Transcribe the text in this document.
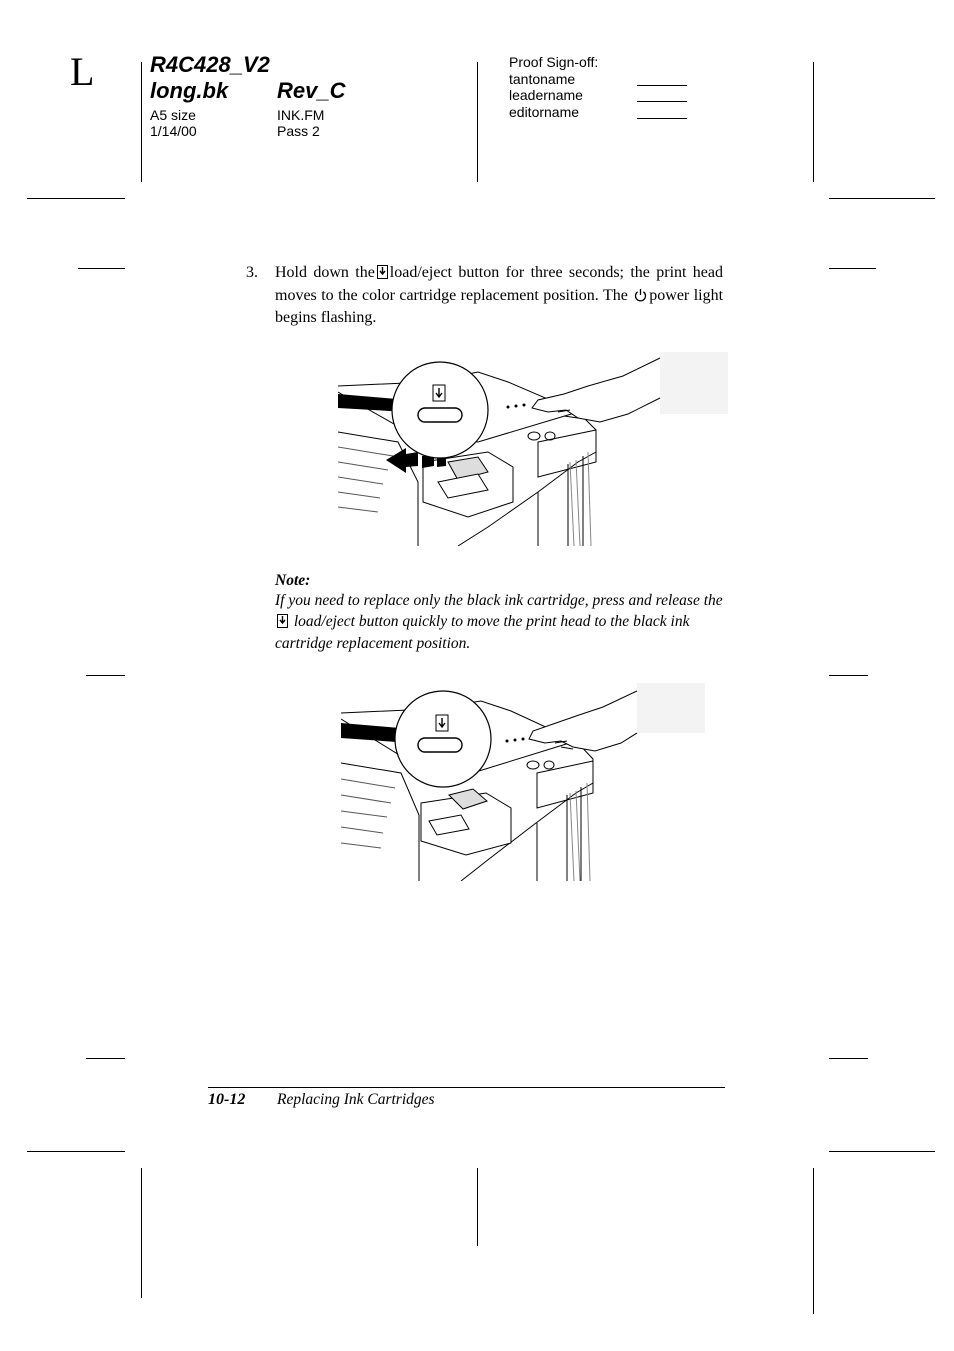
L	R4C428_V2
long.bk Rev_C
A5 size
1/14/00
INK.FM
Pass 2
Proof Sign-off:
tantoname
leadername
editorname
3. Hold down the load/eject button for three seconds; the print head moves to the color cartridge replacement position. The power light begins flashing.
Note:
If you need to replace only the black ink cartridge, press and release the  load/eject button quickly to move the print head to the black ink cartridge replacement position.
10-12 Replacing Ink Cartridges
